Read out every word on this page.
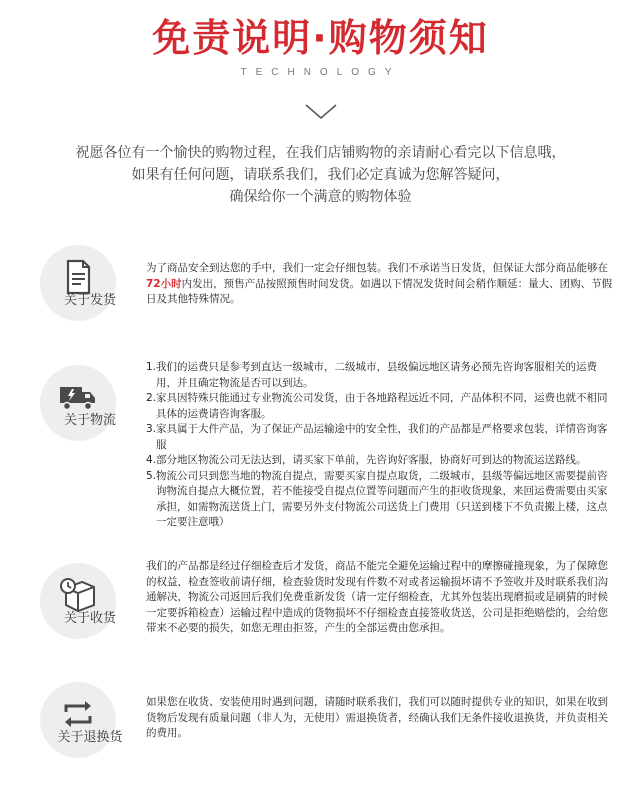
免责说明·购物须知
TECHNOLOGY
祝愿各位有一个愉快的购物过程，在我们店铺购物的亲请耐心看完以下信息哦，
如果有任何问题，请联系我们，我们必定真诚为您解答疑问，
确保给你一个满意的购物体验
关于发货

为了商品安全到达您的手中，我们一定会仔细包装。我们不承诺当日发货，但保证大部分商品能够在72小时内发出，预售产品按照预售时间发货。如遇以下情况发货时间会稍作顺延：量大、团购、节假日及其他特殊情况。

关于物流
1. 我们的运费只是参考到直达一级城市，二级城市，县级偏远地区请务必预先咨询客服相关的运费用，并且确定物流是否可以到达。
2. 家具因特殊只能通过专业物流公司发货，由于各地路程远近不同，产品体积不同，运费也就不相同具体的运费请咨询客服。
3. 家具属于大件产品，为了保证产品运输途中的安全性，我们的产品都是严格要求包装，详情咨询客服
4. 部分地区物流公司无法达到，请买家下单前，先咨询好客服，协商好可到达的物流运送路线。
5. 物流公司只到您当地的物流自提点，需要买家自提点取货，二级城市，县级等偏远地区需要提前咨询物流自提点大概位置，若不能接受自提点位置等问题而产生的拒收货现象，来回运费需要由买家承担，如需物流送货上门，需要另外支付物流公司送货上门费用（只送到楼下不负责搬上楼，这点一定要注意哦）
关于收货

我们的产品都是经过仔细检查后才发货，商品不能完全避免运输过程中的摩擦碰撞现象，为了保障您的权益，检查签收前请仔细，检查验货时发现有件数不对或者运输损坏请不予签收并及时联系我们沟通解决，物流公司返回后我们免费重新发货（请一定仔细检查，尤其外包装出现磨损或是刷猜的时候一定要拆箱检查）运输过程中造成的货物损坏不仔细检查直接签收货送，公司是拒绝赔偿的，会给您带来不必要的损失，如您无理由拒签，产生的全部运费由您承担。

关于退换货

如果您在收货、安装使用时遇到问题，请随时联系我们，我们可以随时提供专业的知识，如果在收到货物后发现有质量问题（非人为，无使用）需退换货者，经确认我们无条件接收退换货，并负责相关的费用。
